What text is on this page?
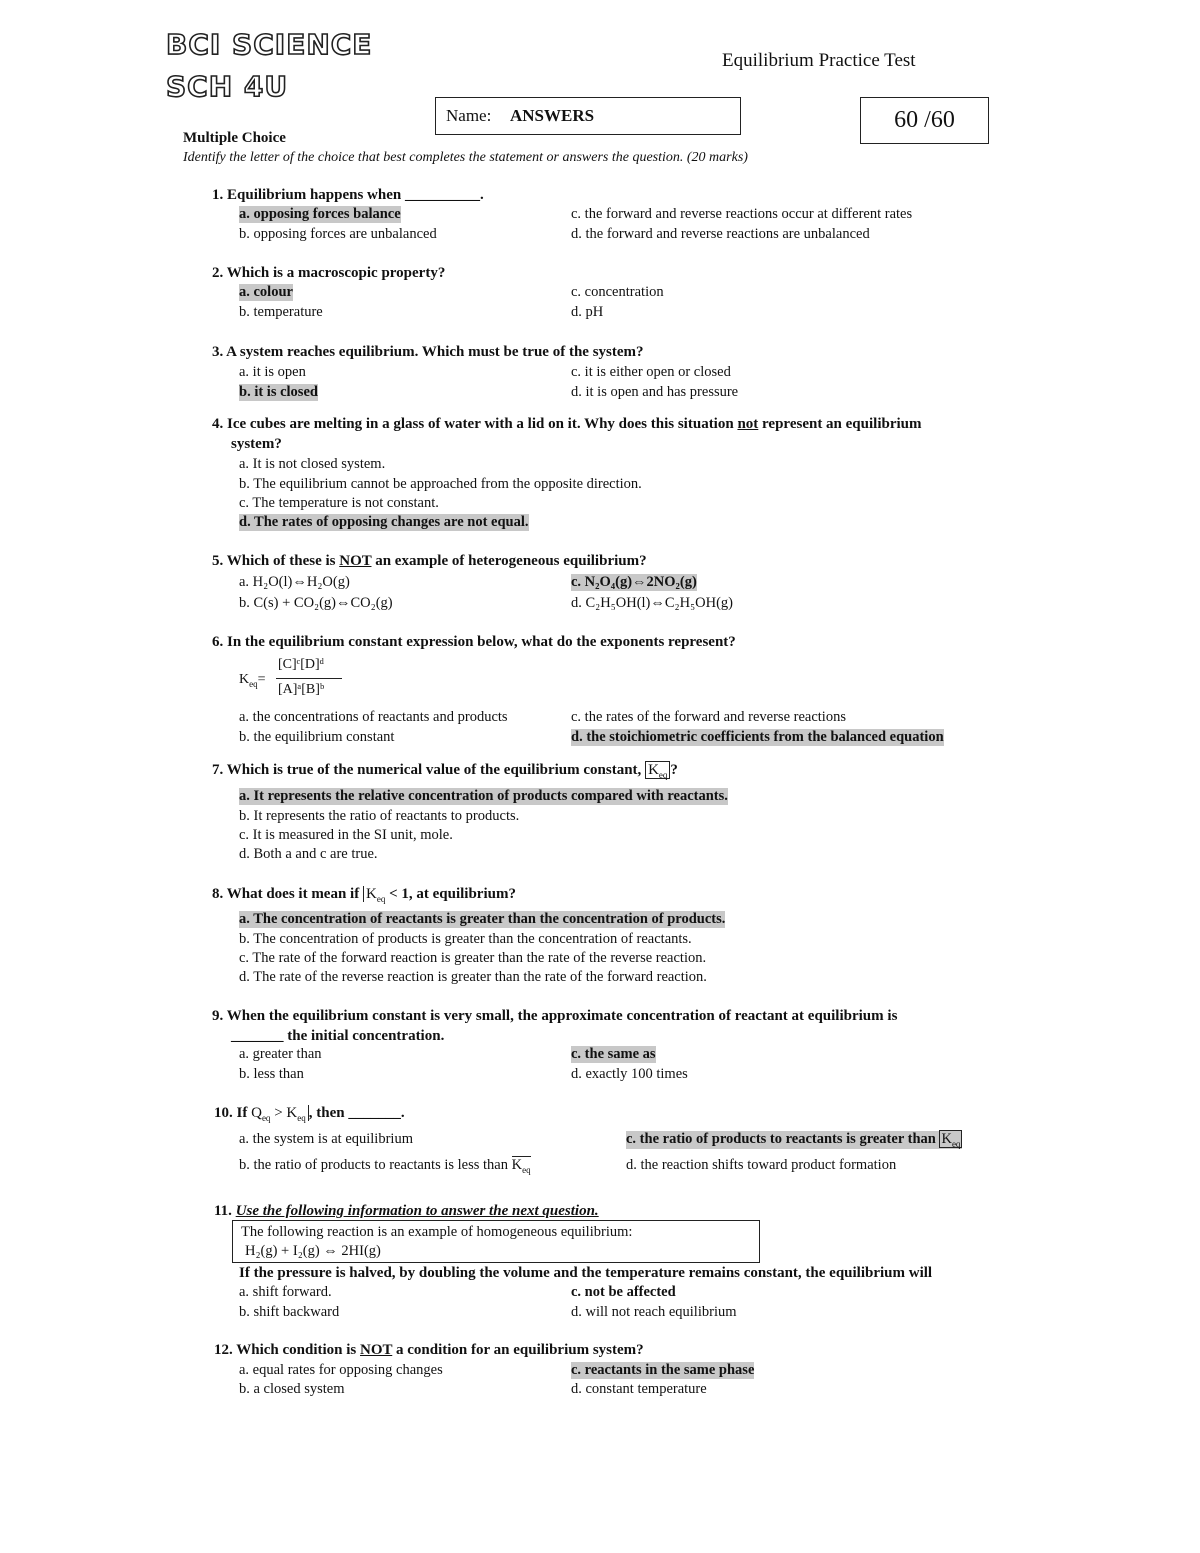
BCI SCIENCE
SCH 4U
Equilibrium Practice Test
Name: ANSWERS	60 /60
Multiple Choice
Identify the letter of the choice that best completes the statement or answers the question. (20 marks)
1. Equilibrium happens when __________.
a. opposing forces balance
b. opposing forces are unbalanced
c. the forward and reverse reactions occur at different rates
d. the forward and reverse reactions are unbalanced
2. Which is a macroscopic property?
a. colour
b. temperature
c. concentration
d. pH
3. A system reaches equilibrium. Which must be true of the system?
a. it is open
b. it is closed
c. it is either open or closed
d. it is open and has pressure
4. Ice cubes are melting in a glass of water with a lid on it. Why does this situation not represent an equilibrium
system?
a. It is not closed system.
b. The equilibrium cannot be approached from the opposite direction.
c. The temperature is not constant.
d. The rates of opposing changes are not equal.
5. Which of these is NOT an example of heterogeneous equilibrium?
a. H₂O(l)⇔H₂O(g)
b. C(s) + CO₂(g)⇔CO₂(g)
c. N₂O₄(g)⇔2NO₂(g)
d. C₂H₅OH(l)⇔C₂H₅OH(g)
6. In the equilibrium constant expression below, what do the exponents represent?
$K_{eq}=$
[C]ᶜ[D]ᵈ
[A]ᵃ[B]ᵇ
a. the concentrations of reactants and products
b. the equilibrium constant
c. the rates of the forward and reverse reactions
d. the stoichiometric coefficients from the balanced equation
7. Which is true of the numerical value of the equilibrium constant, $K_{eq}$ ?
a. It represents the relative concentration of products compared with reactants.
b. It represents the ratio of reactants to products.
c. It is measured in the SI unit, mole.
d. Both a and c are true.
8. What does it mean if $K_{eq} < 1$, at equilibrium?
a. The concentration of reactants is greater than the concentration of products.
b. The concentration of products is greater than the concentration of reactants.
c. The rate of the forward reaction is greater than the rate of the reverse reaction.
d. The rate of the reverse reaction is greater than the rate of the forward reaction.
9. When the equilibrium constant is very small, the approximate concentration of reactant at equilibrium is
_______ the initial concentration.
a. greater than
b. less than
c. the same as
d. exactly 100 times
10. If $Q_{eq} > K_{eq}$ , then _______.
a. the system is at equilibrium
b. the ratio of products to reactants is less than $K_{eq}$
c. the ratio of products to reactants is greater than $K_{eq}$
d. the reaction shifts toward product formation
11. Use the following information to answer the next question.
The following reaction is an example of homogeneous equilibrium:
H₂(g) + I₂(g) ⇔ 2HI(g)
If the pressure is halved, by doubling the volume and the temperature remains constant, the equilibrium will
a. shift forward.
b. shift backward
c. not be affected
d. will not reach equilibrium
12. Which condition is NOT a condition for an equilibrium system?
a. equal rates for opposing changes
b. a closed system
c. reactants in the same phase
d. constant temperature
